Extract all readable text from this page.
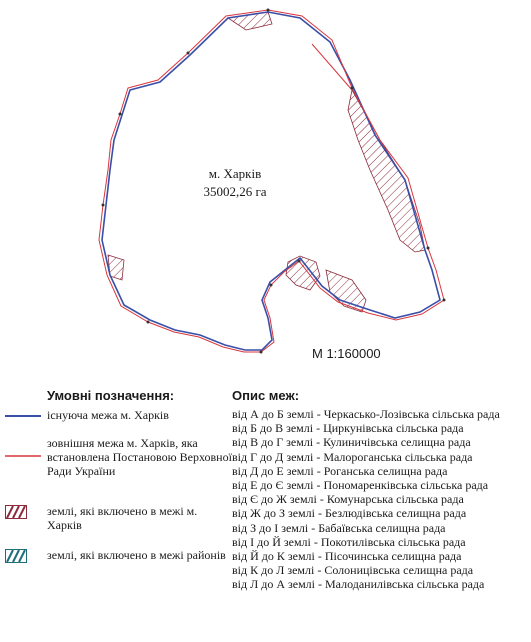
м. Харків
35002,26 га
М 1:160000
Умовні позначення:
існуюча межа м. Харків
зовнішня межа м. Харків, яка встановлена Постановою Верховної Ради України
землі, які включено в межі м. Харків
землі, які включено в межі районів
Опис меж:
від А до Б землі - Черкасько-Лозівська сільська рада
від Б до В землі - Циркунівська сільська рада
від В до Г землі - Кулиничівська селищна рада
від Г до Д землі - Малороганська сільська рада
від Д до Е землі - Роганська селищна рада
від Е до Є землі - Пономаренківська сільська рада
від Є до Ж землі - Комунарська сільська рада
від Ж до З землі - Безлюдівська селищна рада
від З до І землі - Бабаївська селищна рада
від І до Й землі - Покотилівська сільська рада
від Й до К землі - Пісочинська селищна рада
від К до Л землі - Солоницівська селищна рада
від Л до А землі - Малоданилівська сільська рада
